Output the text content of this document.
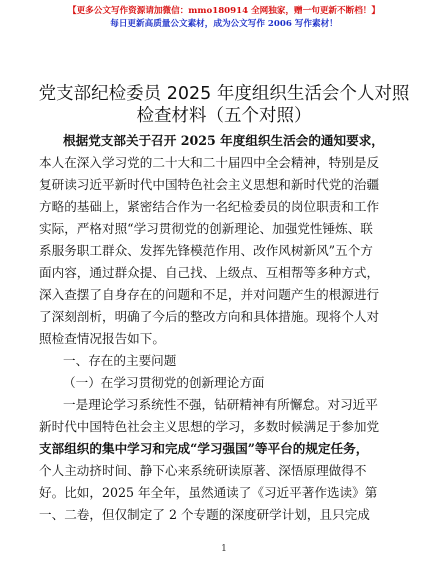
【更多公文写作资源请加微信：mmo180914 全网独家，赠一句更新不断档！】
每日更新高质量公文素材，成为公文写作 2006 写作素材！
党支部纪检委员 2025 年度组织生活会个人对照
检查材料（五个对照）
根据党支部关于召开 2025 年度组织生活会的通知要求，
本人在深入学习党的二十大和二十届四中全会精神，特别是反
复研读习近平新时代中国特色社会主义思想和新时代党的治疆
方略的基础上，紧密结合作为一名纪检委员的岗位职责和工作
实际，严格对照“学习贯彻党的创新理论、加强党性锤炼、联
系服务职工群众、发挥先锋模范作用、改作风树新风”五个方
面内容，通过群众提、自己找、上级点、互相帮等多种方式，
深入查摆了自身存在的问题和不足，并对问题产生的根源进行
了深刻剖析，明确了今后的整改方向和具体措施。现将个人对
照检查情况报告如下。
一、存在的主要问题
（一）在学习贯彻党的创新理论方面
一是理论学习系统性不强，钻研精神有所懈怠。对习近平
新时代中国特色社会主义思想的学习，多数时候满足于参加党
支部组织的集中学习和完成“学习强国”等平台的规定任务，
个人主动挤时间、静下心来系统研读原著、深悟原理做得不
好。比如，2025 年全年，虽然通读了《习近平著作选读》第
一、二卷，但仅制定了 2 个专题的深度研学计划，且只完成
1
